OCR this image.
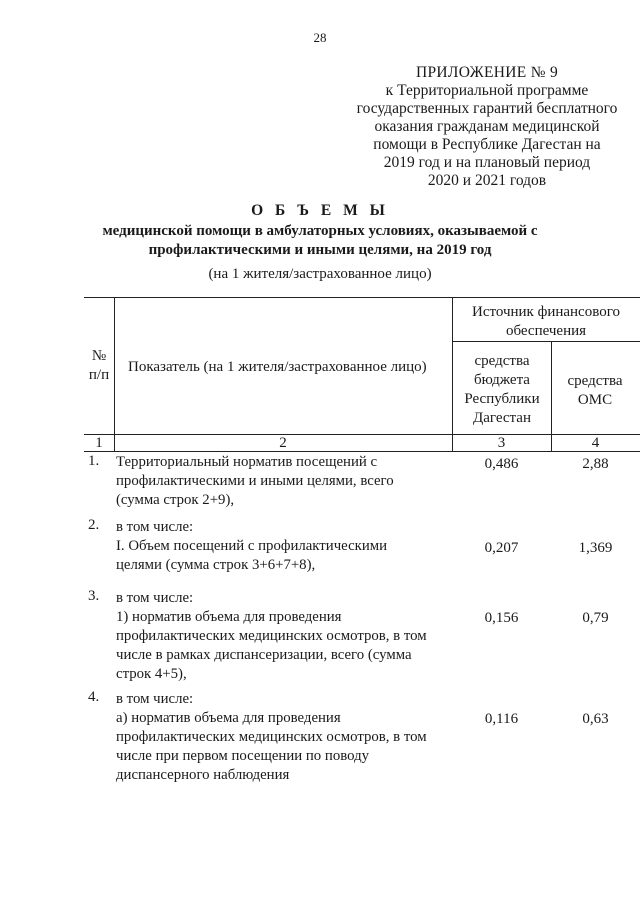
28
ПРИЛОЖЕНИЕ № 9
к Территориальной программе
государственных гарантий бесплатного
оказания гражданам медицинской
помощи в Республике Дагестан на
2019 год и на плановый период
2020 и 2021 годов
О Б Ъ Е М Ы
медицинской помощи в амбулаторных условиях, оказываемой с
профилактическими и иными целями, на 2019 год
(на 1 жителя/застрахованное лицо)
№ п/п	Показатель (на 1 жителя/застрахованное лицо)
Источник финансового обеспечения
средства бюджета Республики Дагестан
средства ОМС
1	2	3	4
1. Территориальный норматив посещений с
профилактическими и иными целями, всего
(сумма строк 2+9),
0,486	2,88
2. в том числе:
I. Объем посещений с профилактическими
целями (сумма строк 3+6+7+8),
0,207	1,369
3. в том числе:
1) норматив объема для проведения
профилактических медицинских осмотров, в том
числе в рамках диспансеризации, всего (сумма
строк 4+5),
0,156	0,79
4. в том числе:
а) норматив объема для проведения
профилактических медицинских осмотров, в том
числе при первом посещении по поводу
диспансерного наблюдения
0,116	0,63
